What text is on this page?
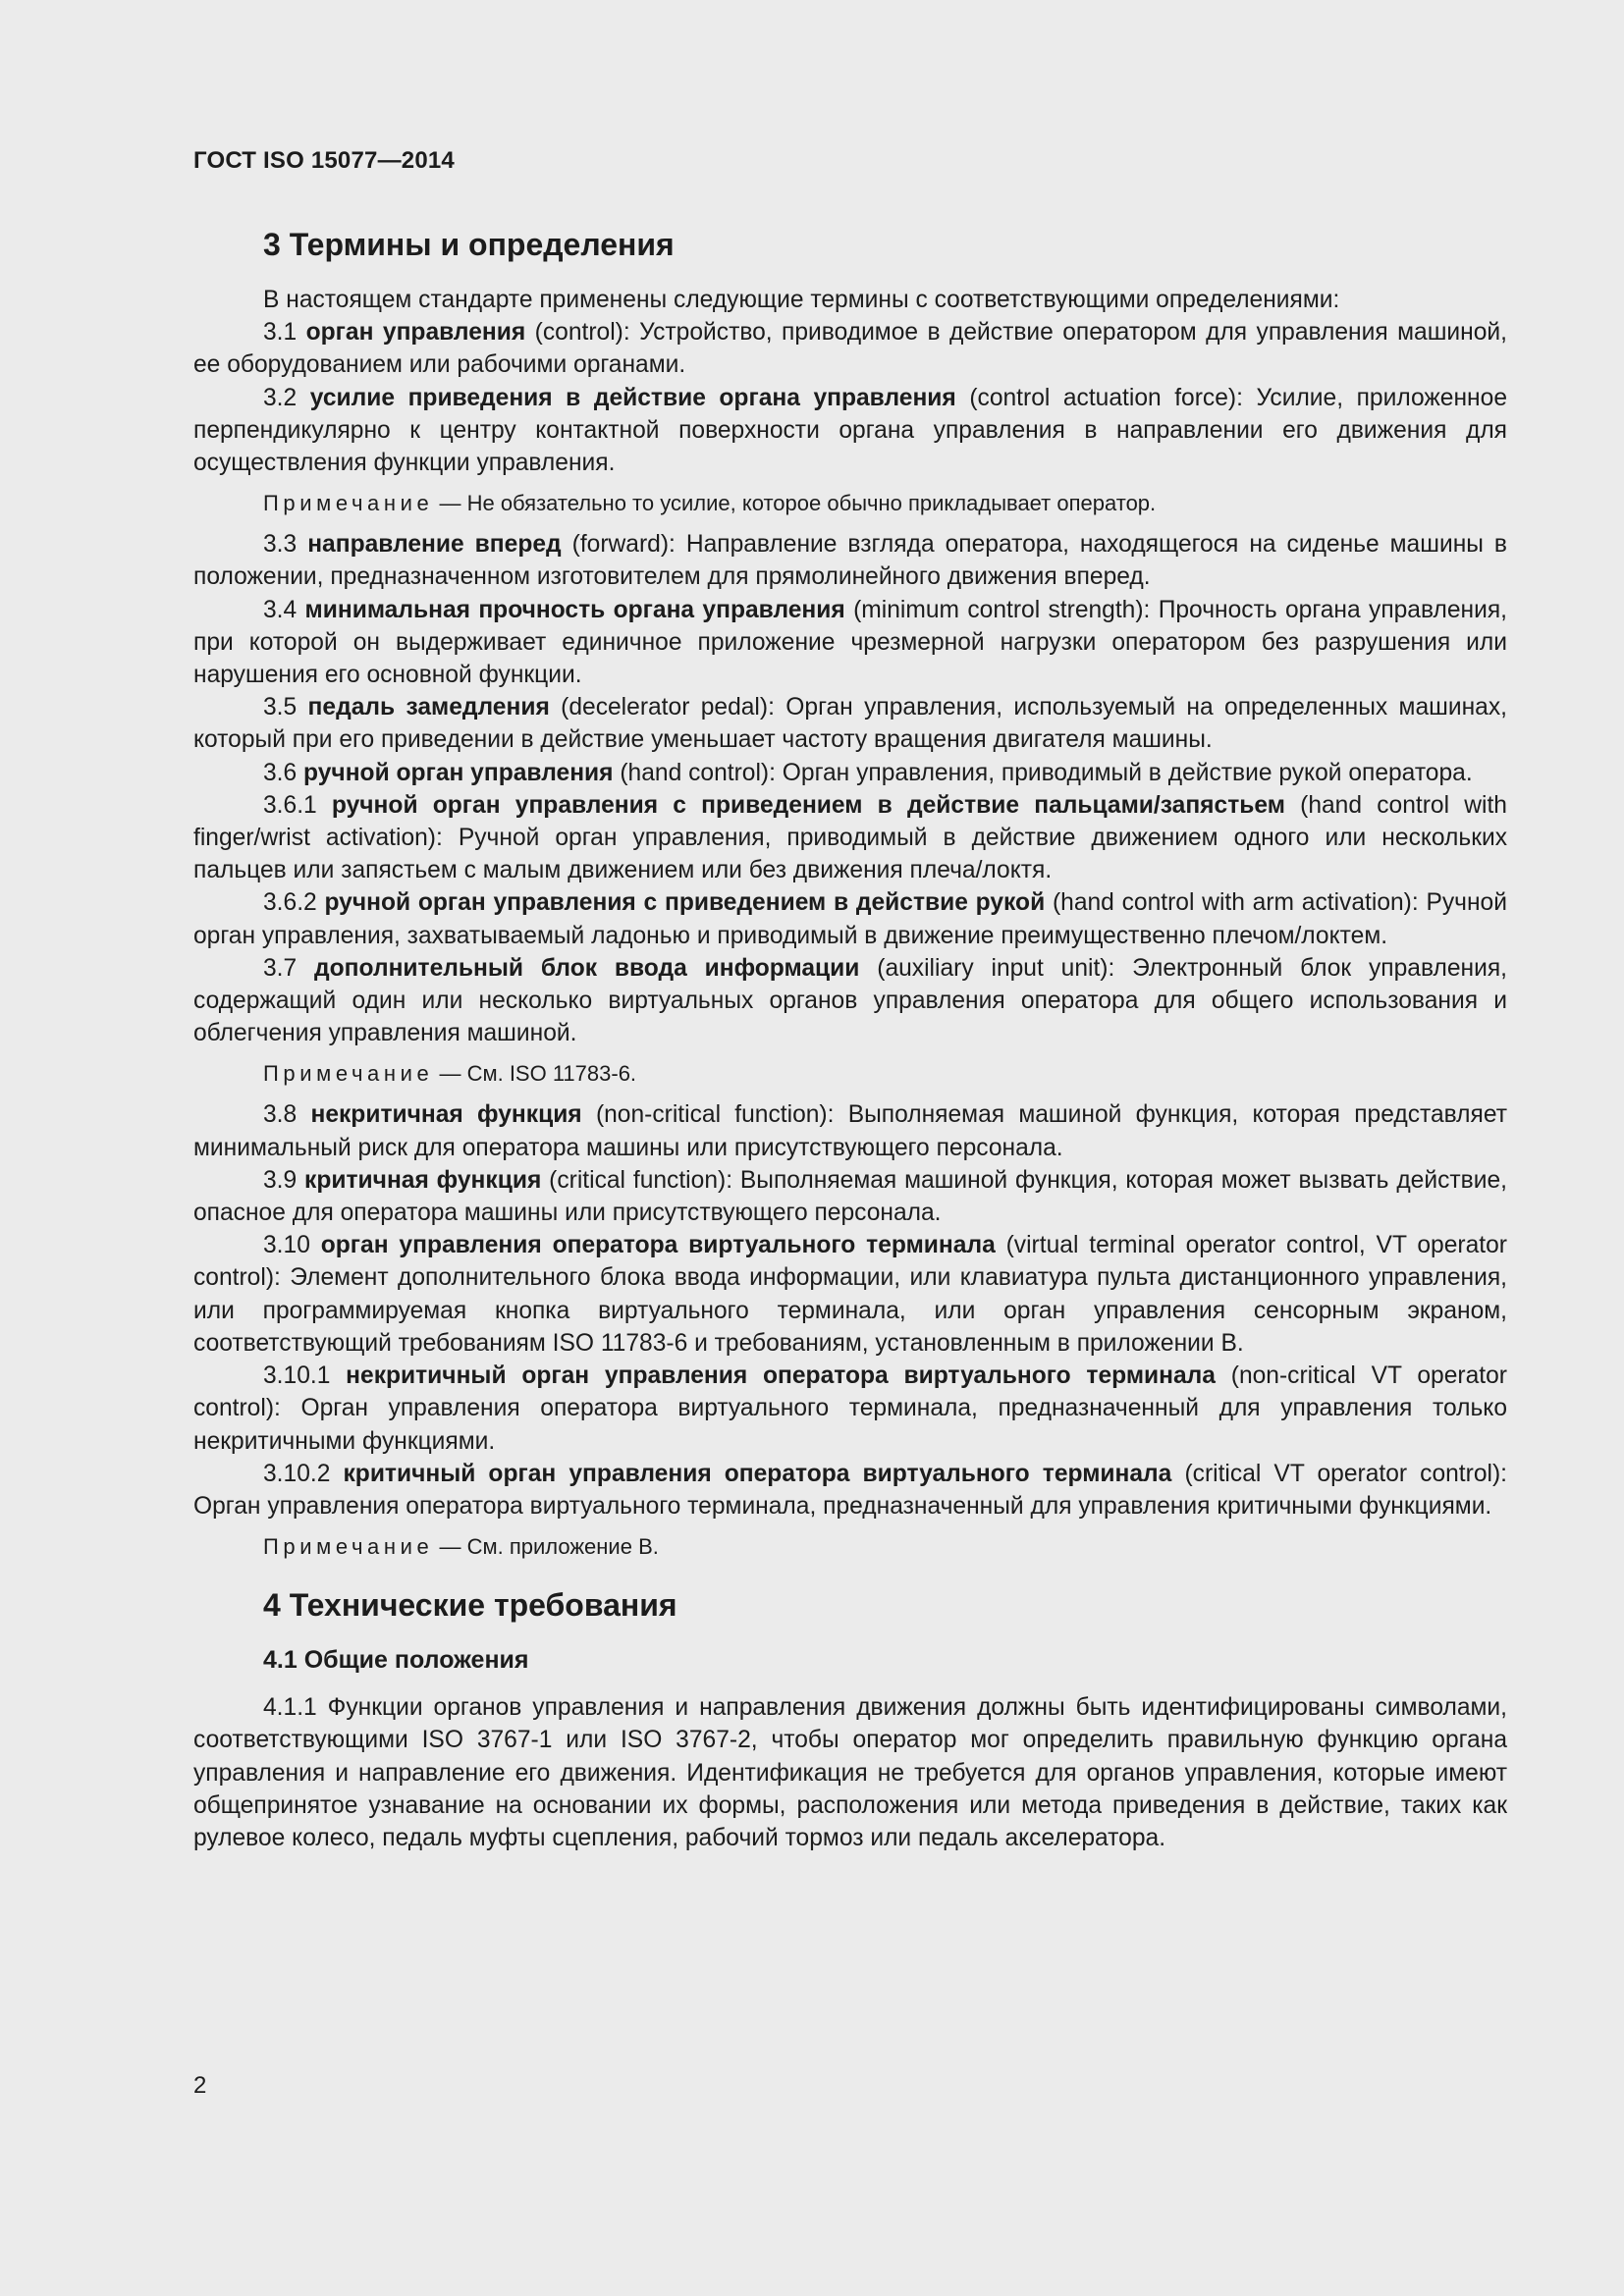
ГОСТ ISO 15077—2014
3 Термины и определения

В настоящем стандарте применены следующие термины с соответствующими определениями:

3.1 орган управления (control): Устройство, приводимое в действие оператором для управления машиной, ее оборудованием или рабочими органами.

3.2 усилие приведения в действие органа управления (control actuation force): Усилие, приложенное перпендикулярно к центру контактной поверхности органа управления в направлении его движения для осуществления функции управления.

Примечание — Не обязательно то усилие, которое обычно прикладывает оператор.

3.3 направление вперед (forward): Направление взгляда оператора, находящегося на сиденье машины в положении, предназначенном изготовителем для прямолинейного движения вперед.

3.4 минимальная прочность органа управления (minimum control strength): Прочность органа управления, при которой он выдерживает единичное приложение чрезмерной нагрузки оператором без разрушения или нарушения его основной функции.

3.5 педаль замедления (decelerator pedal): Орган управления, используемый на определенных машинах, который при его приведении в действие уменьшает частоту вращения двигателя машины.

3.6 ручной орган управления (hand control): Орган управления, приводимый в действие рукой оператора.

3.6.1 ручной орган управления с приведением в действие пальцами/запястьем (hand control with finger/wrist activation): Ручной орган управления, приводимый в действие движением одного или нескольких пальцев или запястьем с малым движением или без движения плеча/локтя.

3.6.2 ручной орган управления с приведением в действие рукой (hand control with arm activation): Ручной орган управления, захватываемый ладонью и приводимый в движение преимущественно плечом/локтем.

3.7 дополнительный блок ввода информации (auxiliary input unit): Электронный блок управления, содержащий один или несколько виртуальных органов управления оператора для общего использования и облегчения управления машиной.

Примечание — См. ISO 11783-6.

3.8 некритичная функция (non-critical function): Выполняемая машиной функция, которая представляет минимальный риск для оператора машины или присутствующего персонала.

3.9 критичная функция (critical function): Выполняемая машиной функция, которая может вызвать действие, опасное для оператора машины или присутствующего персонала.

3.10 орган управления оператора виртуального терминала (virtual terminal operator control, VT operator control): Элемент дополнительного блока ввода информации, или клавиатура пульта дистанционного управления, или программируемая кнопка виртуального терминала, или орган управления сенсорным экраном, соответствующий требованиям ISO 11783-6 и требованиям, установленным в приложении В.

3.10.1 некритичный орган управления оператора виртуального терминала (non-critical VT operator control): Орган управления оператора виртуального терминала, предназначенный для управления только некритичными функциями.

3.10.2 критичный орган управления оператора виртуального терминала (critical VT operator control): Орган управления оператора виртуального терминала, предназначенный для управления критичными функциями.

Примечание — См. приложение В.

4 Технические требования
4.1 Общие положения

4.1.1 Функции органов управления и направления движения должны быть идентифицированы символами, соответствующими ISO 3767-1 или ISO 3767-2, чтобы оператор мог определить правильную функцию органа управления и направление его движения. Идентификация не требуется для органов управления, которые имеют общепринятое узнавание на основании их формы, расположения или метода приведения в действие, таких как рулевое колесо, педаль муфты сцепления, рабочий тормоз или педаль акселератора.

2
